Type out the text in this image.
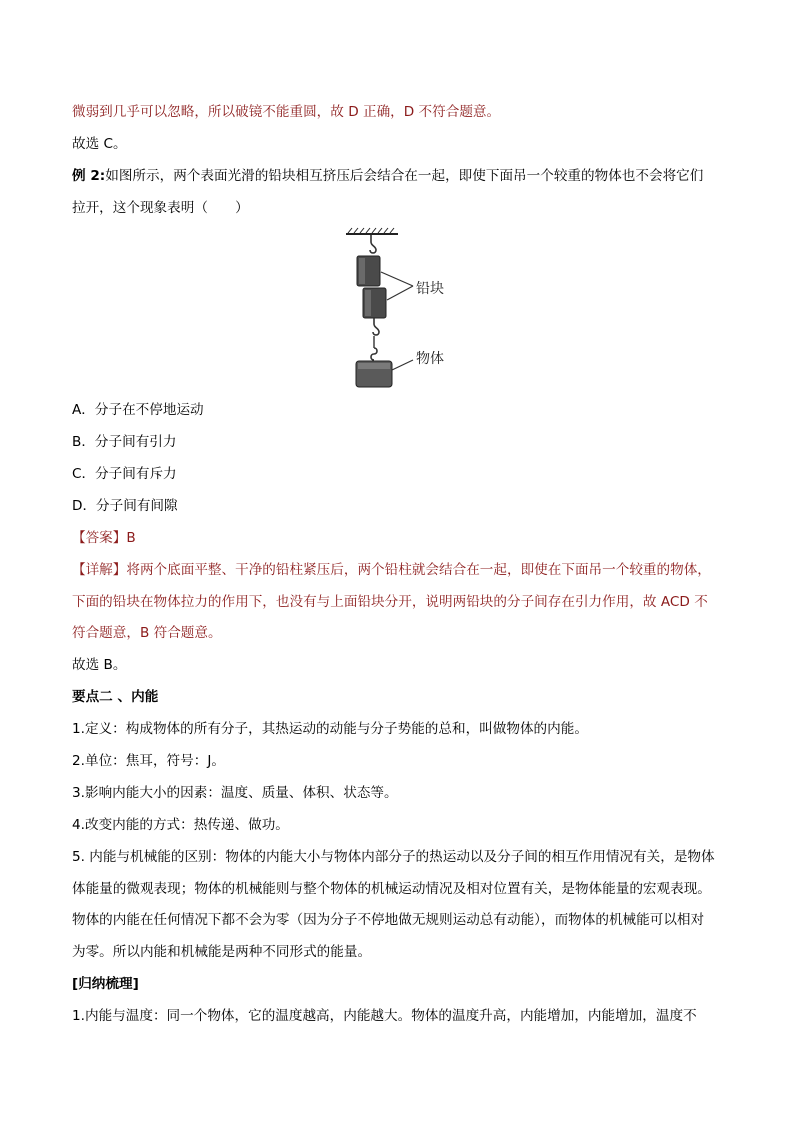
微弱到几乎可以忽略，所以破镜不能重圆，故 D 正确，D 不符合题意。
故选 C。
例 2:如图所示，两个表面光滑的铅块相互挤压后会结合在一起，即使下面吊一个较重的物体也不会将它们
拉开，这个现象表明（　　）
铅块
物体
A．分子在不停地运动
B．分子间有引力
C．分子间有斥力
D．分子间有间隙
【答案】B
【详解】将两个底面平整、干净的铅柱紧压后，两个铅柱就会结合在一起，即使在下面吊一个较重的物体，
下面的铅块在物体拉力的作用下，也没有与上面铅块分开，说明两铅块的分子间存在引力作用，故 ACD 不
符合题意，B 符合题意。
故选 B。
要点二 、内能
1.定义：构成物体的所有分子，其热运动的动能与分子势能的总和，叫做物体的内能。
2.单位：焦耳，符号：J。
3.影响内能大小的因素：温度、质量、体积、状态等。
4.改变内能的方式：热传递、做功。
5. 内能与机械能的区别：物体的内能大小与物体内部分子的热运动以及分子间的相互作用情况有关，是物体
体能量的微观表现；物体的机械能则与整个物体的机械运动情况及相对位置有关，是物体能量的宏观表现。
物体的内能在任何情况下都不会为零（因为分子不停地做无规则运动总有动能），而物体的机械能可以相对
为零。所以内能和机械能是两种不同形式的能量。
[归纳梳理]
1.内能与温度：同一个物体，它的温度越高，内能越大。物体的温度升高，内能增加，内能增加，温度不
